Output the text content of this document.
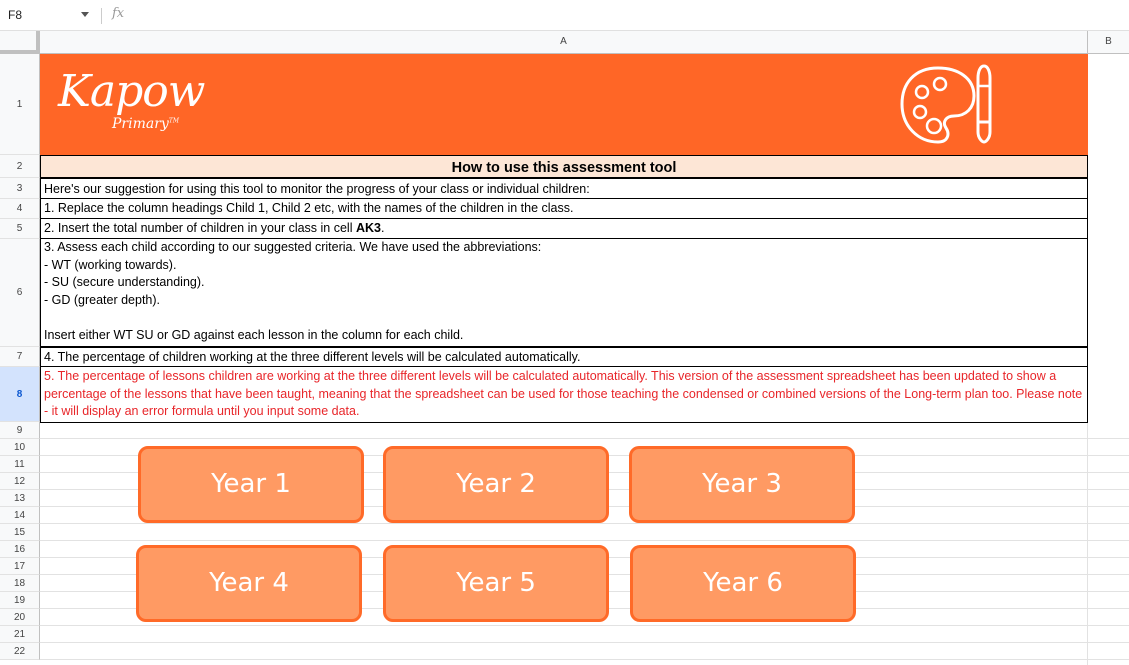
F8	fx
A	B
1
2
3
4
5
6
7
8
9
10
11
12
13
14
15
16
17
18
19
20
21
22
Kapow
Primary™
How to use this assessment tool
Here's our suggestion for using this tool to monitor the progress of your class or individual children:
1. Replace the column headings Child 1, Child 2 etc, with the names of the children in the class.
2. Insert the total number of children in your class in cell AK3.
3. Assess each child according to our suggested criteria. We have used the abbreviations:
- WT (working towards).
- SU (secure understanding).
- GD (greater depth).
Insert either WT SU or GD against each lesson in the column for each child.
4. The percentage of children working at the three different levels will be calculated automatically.
5. The percentage of lessons children are working at the three different levels will be calculated automatically. This version of the assessment spreadsheet has been updated to show a percentage of the lessons that have been taught, meaning that the spreadsheet can be used for those teaching the condensed or combined versions of the Long-term plan too. Please note - it will display an error formula until you input some data.
Year 1	Year 2	Year 3
Year 4	Year 5	Year 6
